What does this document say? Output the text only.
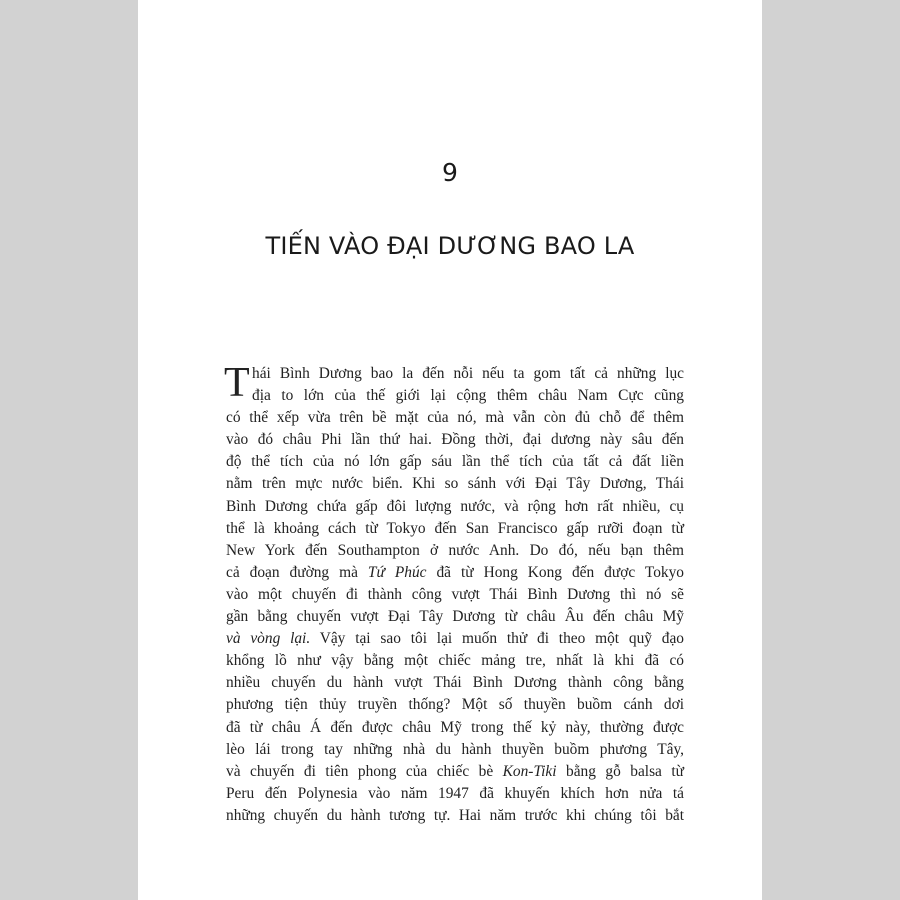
9
TIẾN VÀO ĐẠI DƯƠNG BAO LA
T hái Bình Dương bao la đến nỗi nếu ta gom tất cả những lục
địa to lớn của thế giới lại cộng thêm châu Nam Cực cũng
có thể xếp vừa trên bề mặt của nó, mà vẫn còn đủ chỗ để thêm
vào đó châu Phi lần thứ hai. Đồng thời, đại dương này sâu đến
độ thể tích của nó lớn gấp sáu lần thể tích của tất cả đất liền
nằm trên mực nước biển. Khi so sánh với Đại Tây Dương, Thái
Bình Dương chứa gấp đôi lượng nước, và rộng hơn rất nhiều, cụ
thể là khoảng cách từ Tokyo đến San Francisco gấp rưỡi đoạn từ
New York đến Southampton ở nước Anh. Do đó, nếu bạn thêm
cả đoạn đường mà Tứ Phúc đã từ Hong Kong đến được Tokyo
vào một chuyến đi thành công vượt Thái Bình Dương thì nó sẽ
gần bằng chuyến vượt Đại Tây Dương từ châu Âu đến châu Mỹ
và vòng lại. Vậy tại sao tôi lại muốn thử đi theo một quỹ đạo
khổng lồ như vậy bằng một chiếc mảng tre, nhất là khi đã có
nhiều chuyến du hành vượt Thái Bình Dương thành công bằng
phương tiện thủy truyền thống? Một số thuyền buồm cánh dơi
đã từ châu Á đến được châu Mỹ trong thế kỷ này, thường được
lèo lái trong tay những nhà du hành thuyền buồm phương Tây,
và chuyến đi tiên phong của chiếc bè Kon-Tiki bằng gỗ balsa từ
Peru đến Polynesia vào năm 1947 đã khuyến khích hơn nửa tá
những chuyến du hành tương tự. Hai năm trước khi chúng tôi bắt
